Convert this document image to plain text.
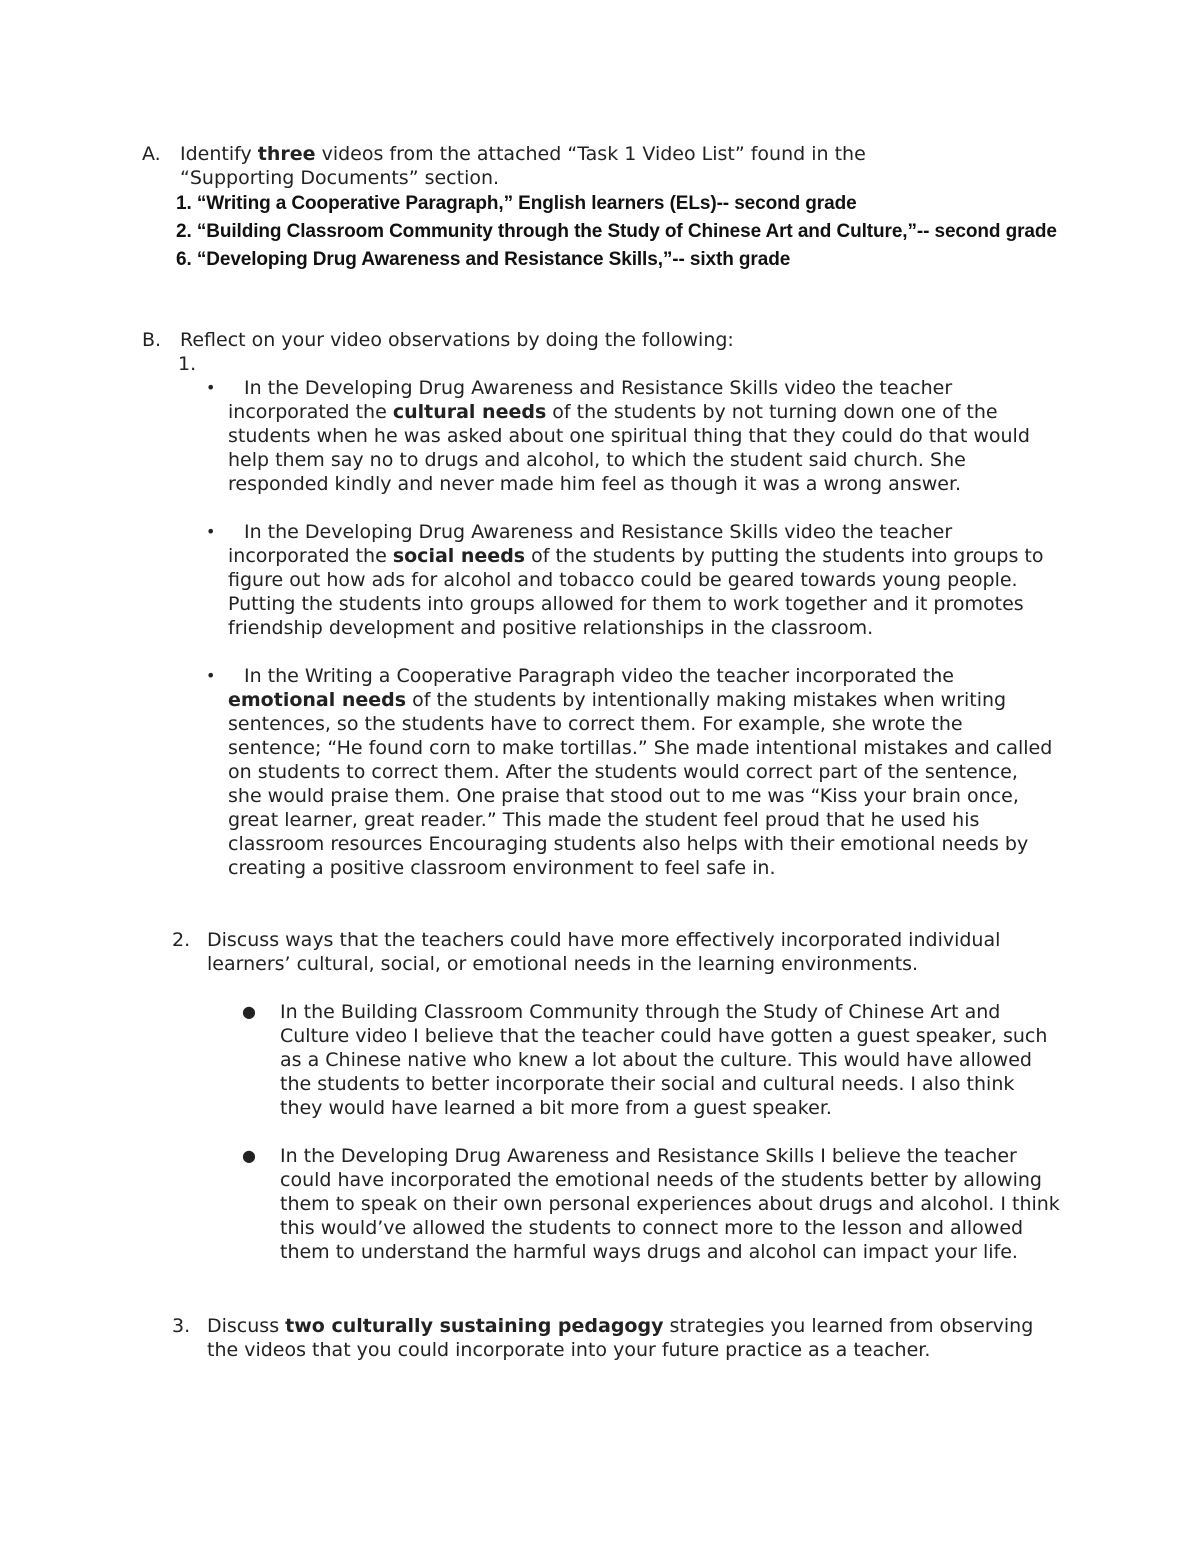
A. Identify three videos from the attached “Task 1 Video List” found in the “Supporting Documents” section.
1. “Writing a Cooperative Paragraph,” English learners (ELs)-- second grade
2. “Building Classroom Community through the Study of Chinese Art and Culture,”-- second grade
6. “Developing Drug Awareness and Resistance Skills,”-- sixth grade
B. Reflect on your video observations by doing the following:
1.
•	In the Developing Drug Awareness and Resistance Skills video the teacher incorporated the cultural needs of the students by not turning down one of the students when he was asked about one spiritual thing that they could do that would help them say no to drugs and alcohol, to which the student said church. She responded kindly and never made him feel as though it was a wrong answer.
•	In the Developing Drug Awareness and Resistance Skills video the teacher incorporated the social needs of the students by putting the students into groups to figure out how ads for alcohol and tobacco could be geared towards young people. Putting the students into groups allowed for them to work together and it promotes friendship development and positive relationships in the classroom.
•	In the Writing a Cooperative Paragraph video the teacher incorporated the emotional needs of the students by intentionally making mistakes when writing sentences, so the students have to correct them. For example, she wrote the sentence; “He found corn to make tortillas.” She made intentional mistakes and called on students to correct them. After the students would correct part of the sentence, she would praise them. One praise that stood out to me was “Kiss your brain once, great learner, great reader.” This made the student feel proud that he used his classroom resources Encouraging students also helps with their emotional needs by creating a positive classroom environment to feel safe in.
2. Discuss ways that the teachers could have more effectively incorporated individual learners’ cultural, social, or emotional needs in the learning environments.
● In the Building Classroom Community through the Study of Chinese Art and Culture video I believe that the teacher could have gotten a guest speaker, such as a Chinese native who knew a lot about the culture. This would have allowed the students to better incorporate their social and cultural needs. I also think they would have learned a bit more from a guest speaker.
● In the Developing Drug Awareness and Resistance Skills I believe the teacher could have incorporated the emotional needs of the students better by allowing them to speak on their own personal experiences about drugs and alcohol. I think this would’ve allowed the students to connect more to the lesson and allowed them to understand the harmful ways drugs and alcohol can impact your life.
3. Discuss two culturally sustaining pedagogy strategies you learned from observing the videos that you could incorporate into your future practice as a teacher.
